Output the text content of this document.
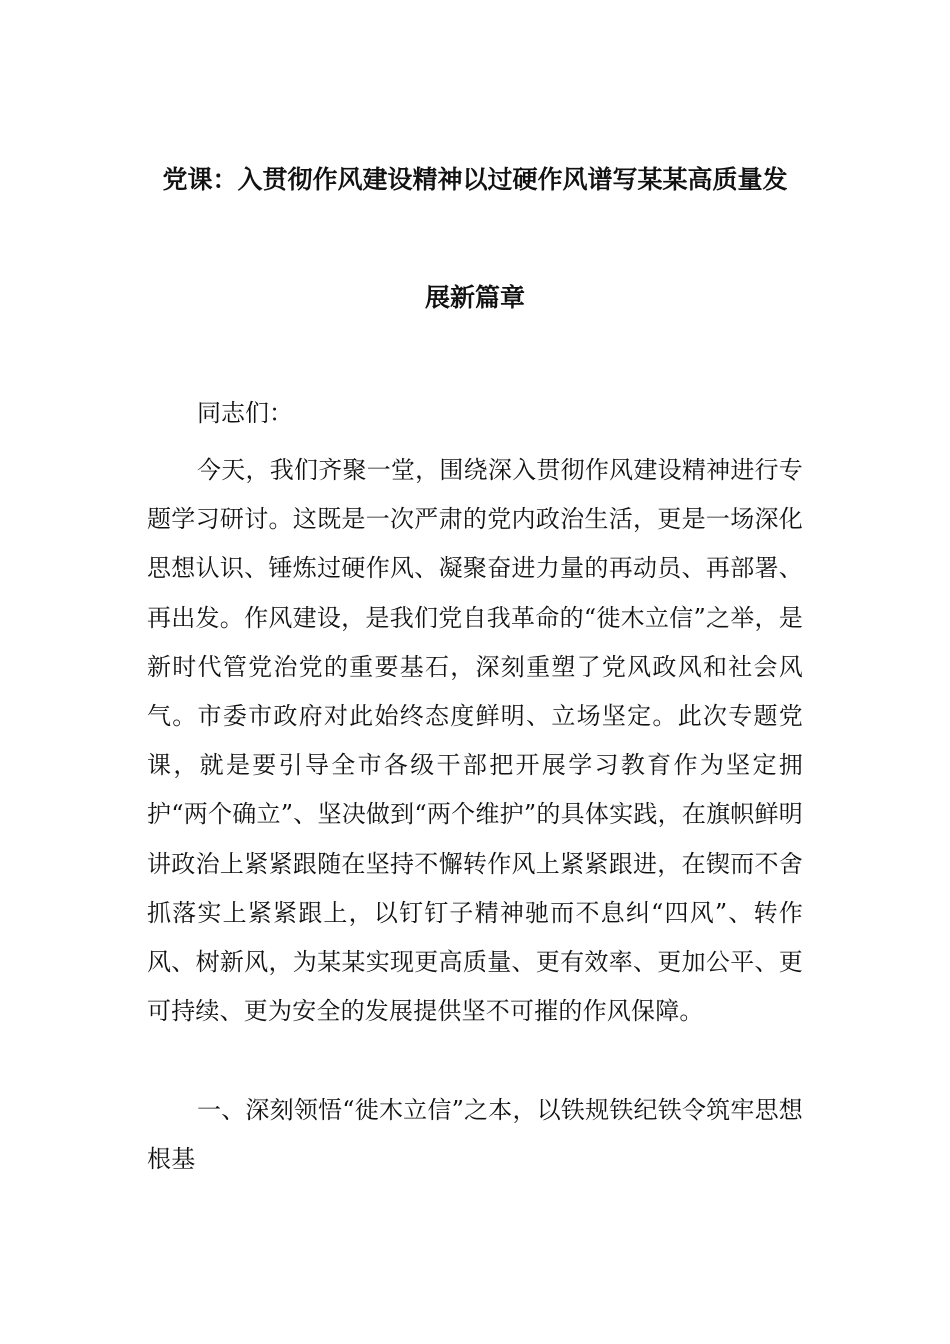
党课：入贯彻作风建设精神以过硬作风谱写某某高质量发
展新篇章

同志们：

今天，我们齐聚一堂，围绕深入贯彻作风建设精神进行专题学习研讨。这既是一次严肃的党内政治生活，更是一场深化思想认识、锤炼过硬作风、凝聚奋进力量的再动员、再部署、再出发。作风建设，是我们党自我革命的“徙木立信”之举，是新时代管党治党的重要基石，深刻重塑了党风政风和社会风气。市委市政府对此始终态度鲜明、立场坚定。此次专题党课，就是要引导全市各级干部把开展学习教育作为坚定拥护“两个确立”、坚决做到“两个维护”的具体实践，在旗帜鲜明讲政治上紧紧跟随在坚持不懈转作风上紧紧跟进，在锲而不舍抓落实上紧紧跟上，以钉钉子精神驰而不息纠“四风”、转作风、树新风，为某某实现更高质量、更有效率、更加公平、更可持续、更为安全的发展提供坚不可摧的作风保障。

一、深刻领悟“徙木立信”之本，以铁规铁纪铁令筑牢思想根基
